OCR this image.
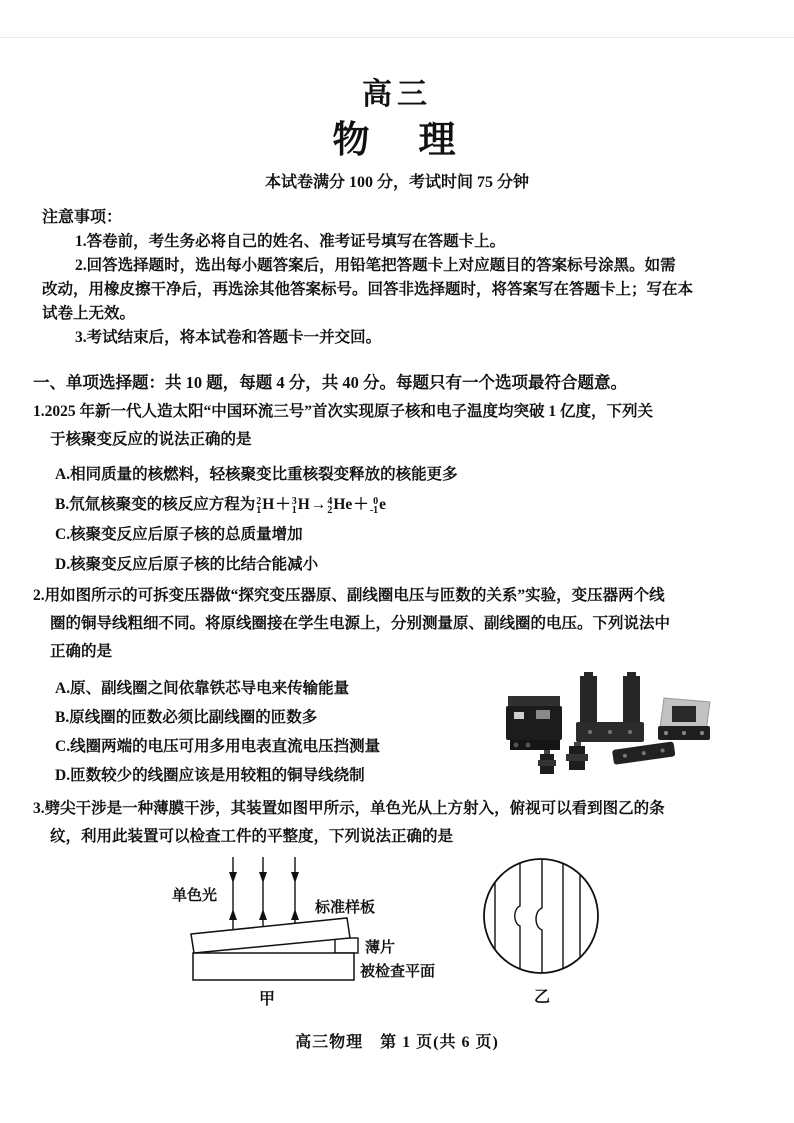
高三
物　理
本试卷满分 100 分，考试时间 75 分钟
注意事项：
1.答卷前，考生务必将自己的姓名、准考证号填写在答题卡上。
2.回答选择题时，选出每小题答案后，用铅笔把答题卡上对应题目的答案标号涂黑。如需
改动，用橡皮擦干净后，再选涂其他答案标号。回答非选择题时，将答案写在答题卡上；写在本
试卷上无效。
3.考试结束后，将本试卷和答题卡一并交回。
一、单项选择题：共 10 题，每题 4 分，共 40 分。每题只有一个选项最符合题意。
1.2025 年新一代人造太阳“中国环流三号”首次实现原子核和电子温度均突破 1 亿度，下列关
于核聚变反应的说法正确的是
A.相同质量的核燃料，轻核聚变比重核裂变释放的核能更多
B.氘氚核聚变的核反应方程为 2
1 H ＋ 3
1 H → 4
2 He ＋ 0
-1 e
C.核聚变反应后原子核的总质量增加
D.核聚变反应后原子核的比结合能减小
2.用如图所示的可拆变压器做“探究变压器原、副线圈电压与匝数的关系”实验，变压器两个线
圈的铜导线粗细不同。将原线圈接在学生电源上，分别测量原、副线圈的电压。下列说法中
正确的是
A.原、副线圈之间依靠铁芯导电来传输能量
B.原线圈的匝数必须比副线圈的匝数多
C.线圈两端的电压可用多用电表直流电压挡测量
D.匝数较少的线圈应该是用较粗的铜导线绕制
3.劈尖干涉是一种薄膜干涉，其装置如图甲所示，单色光从上方射入，俯视可以看到图乙的条
纹，利用此装置可以检查工件的平整度，下列说法正确的是
单色光
标准样板
薄片
被检查平面
甲	乙
高三物理　第 1 页(共 6 页)
